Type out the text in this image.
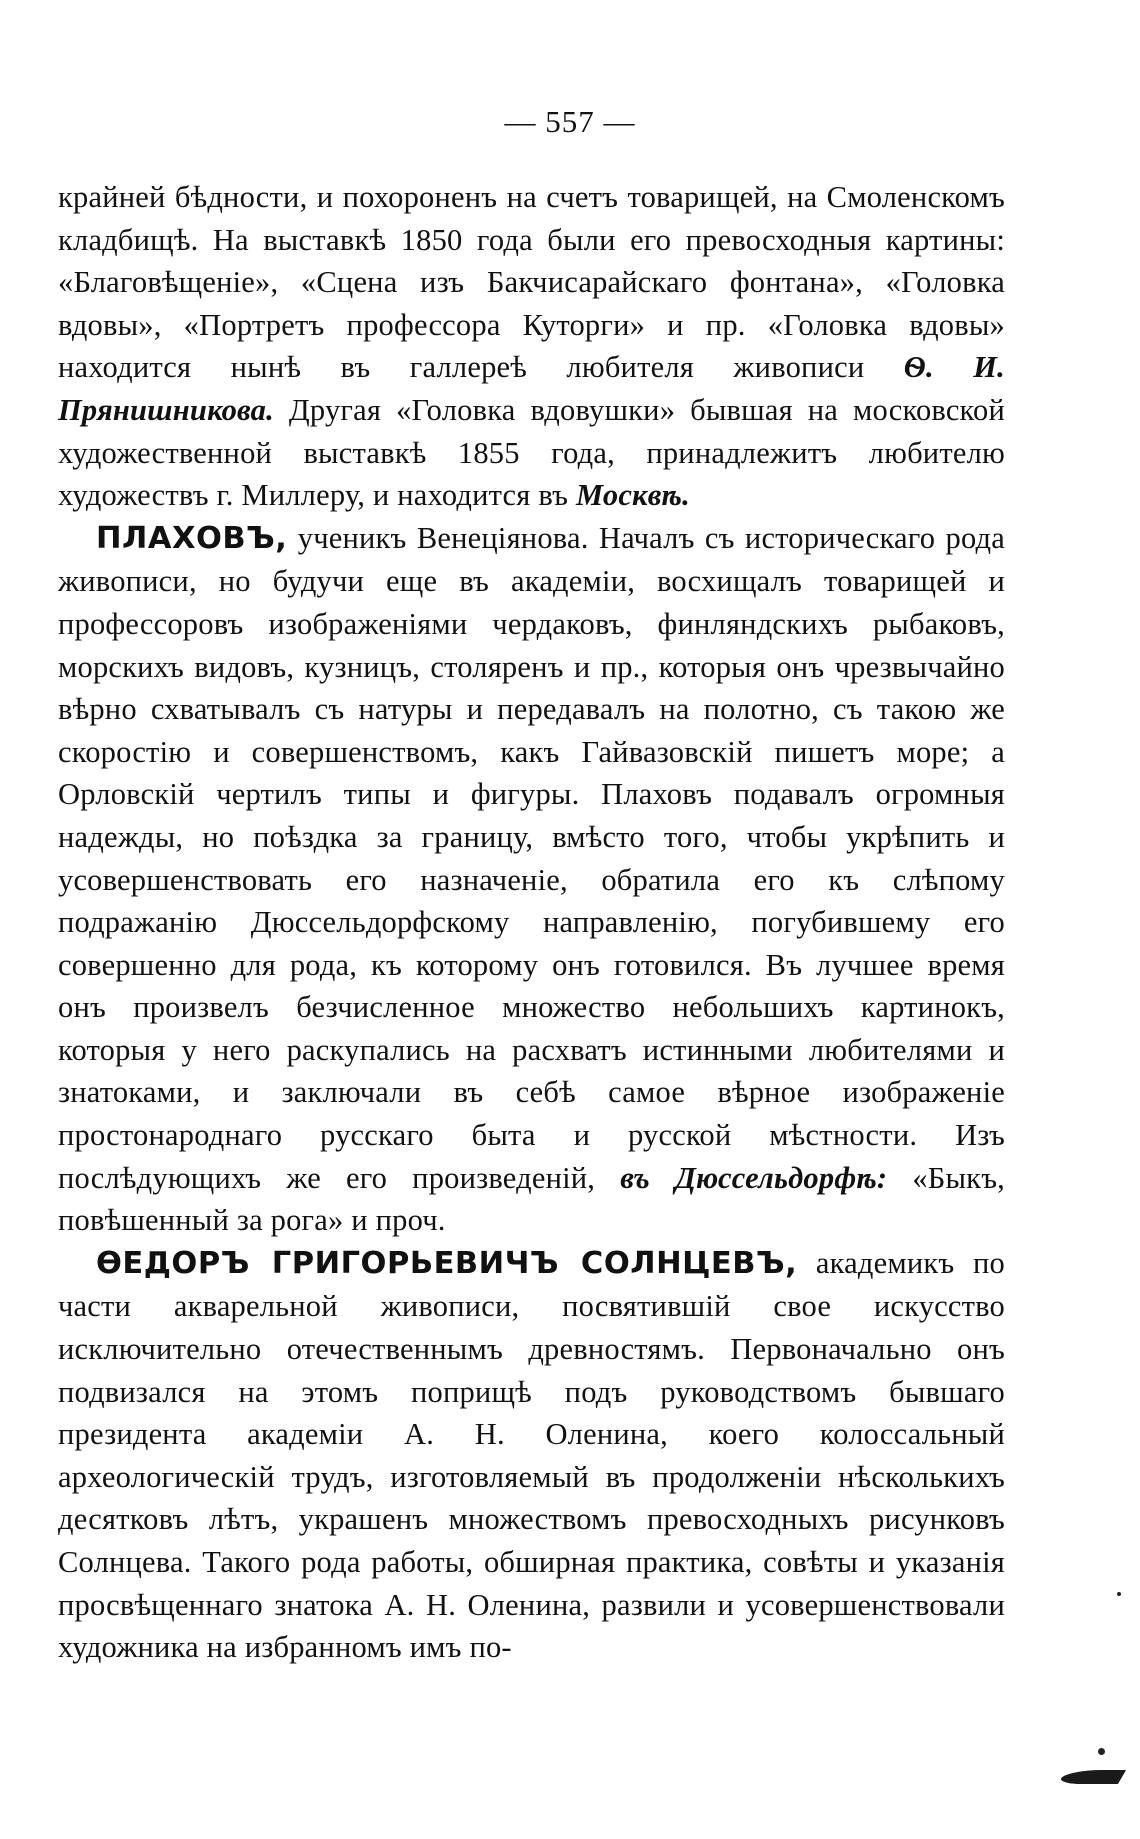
— 557 —

крайней бѣдности, и похороненъ на счетъ товарищей, на Смоленскомъ кладбищѣ. На выставкѣ 1850 года были его превосходныя картины: «Благовѣщеніе», «Сцена изъ Бакчисарайскаго фонтана», «Головка вдовы», «Портретъ профессора Куторги» и пр. «Головка вдовы» находится нынѣ въ галлереѣ любителя живописи Ѳ. И. Прянишникова. Другая «Головка вдовушки» бывшая на московской художественной выставкѣ 1855 года, принадлежитъ любителю художествъ г. Миллеру, и находится въ Москвѣ.

ПЛАХОВЪ, ученикъ Венеціянова. Началъ съ историческаго рода живописи, но будучи еще въ академіи, восхищалъ товарищей и профессоровъ изображеніями чердаковъ, финляндскихъ рыбаковъ, морскихъ видовъ, кузницъ, столяренъ и пр., которыя онъ чрезвычайно вѣрно схватывалъ съ натуры и передавалъ на полотно, съ такою же скоростію и совершенствомъ, какъ Гайвазовскій пишетъ море; а Орловскій чертилъ типы и фигуры. Плаховъ подавалъ огромныя надежды, но поѣздка за границу, вмѣсто того, чтобы укрѣпить и усовершенствовать его назначеніе, обратила его къ слѣпому подражанію Дюссельдорфскому направленію, погубившему его совершенно для рода, къ которому онъ готовился. Въ лучшее время онъ произвелъ безчисленное множество небольшихъ картинокъ, которыя у него раскупались на расхватъ истинными любителями и знатоками, и заключали въ себѣ самое вѣрное изображеніе простонароднаго русскаго быта и русской мѣстности. Изъ послѣдующихъ же его произведеній, въ Дюссельдорфѣ: «Быкъ, повѣшенный за рога» и проч.

ѲЕДОРЪ ГРИГОРЬЕВИЧЪ СОЛНЦЕВЪ, академикъ по части акварельной живописи, посвятившій свое искусство исключительно отечественнымъ древностямъ. Первоначально онъ подвизался на этомъ поприщѣ подъ руководствомъ бывшаго президента академіи А. Н. Оленина, коего колоссальный археологическій трудъ, изготовляемый въ продолженіи нѣсколькихъ десятковъ лѣтъ, украшенъ множествомъ превосходныхъ рисунковъ Солнцева. Такого рода работы, обширная практика, совѣты и указанія просвѣщеннаго знатока А. Н. Оленина, развили и усовершенствовали художника на избранномъ имъ по-
